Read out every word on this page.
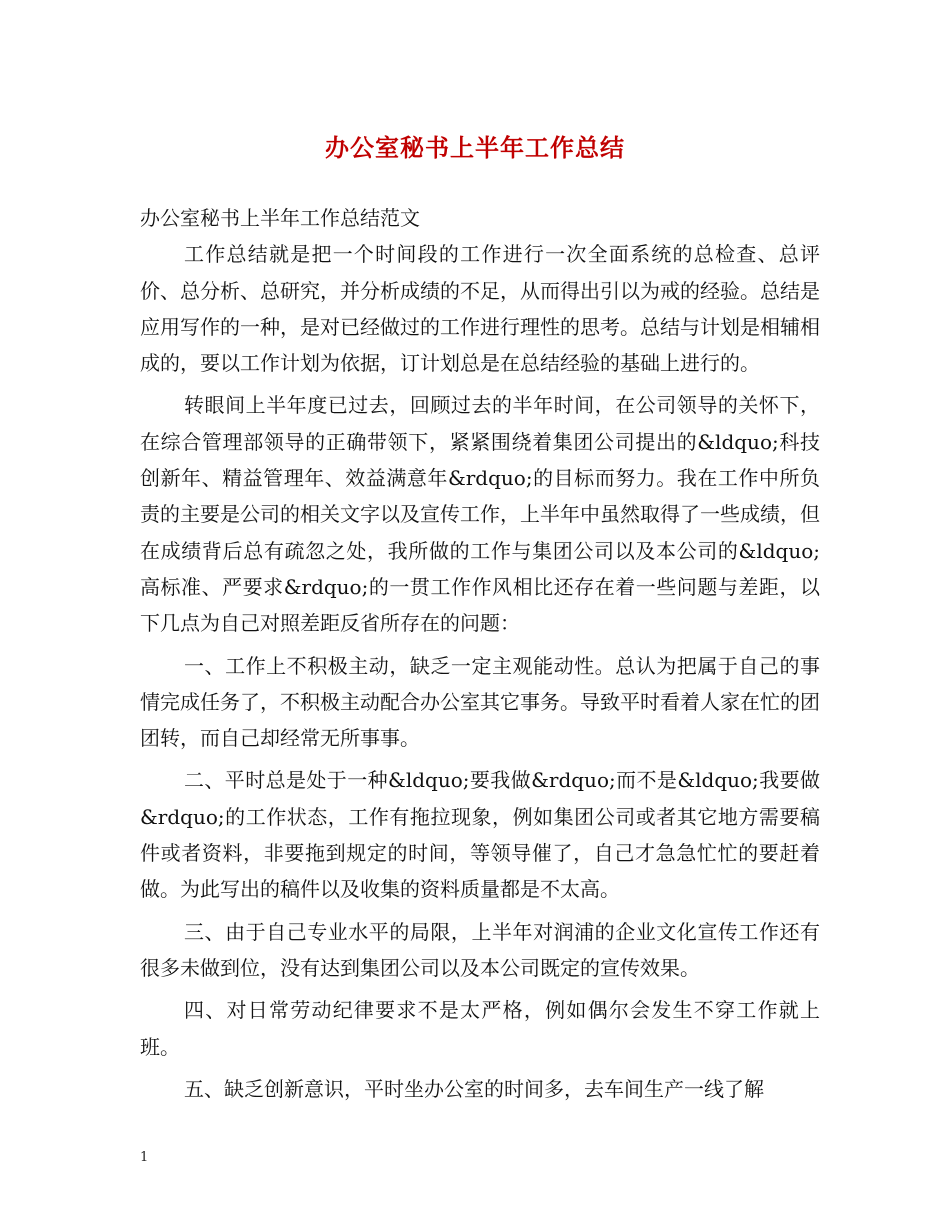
办公室秘书上半年工作总结

办公室秘书上半年工作总结范文

工作总结就是把一个时间段的工作进行一次全面系统的总检查、总评价、总分析、总研究，并分析成绩的不足，从而得出引以为戒的经验。总结是应用写作的一种，是对已经做过的工作进行理性的思考。总结与计划是相辅相成的，要以工作计划为依据，订计划总是在总结经验的基础上进行的。

转眼间上半年度已过去，回顾过去的半年时间，在公司领导的关怀下，在综合管理部领导的正确带领下，紧紧围绕着集团公司提出的&ldquo;科技创新年、精益管理年、效益满意年&rdquo;的目标而努力。我在工作中所负责的主要是公司的相关文字以及宣传工作，上半年中虽然取得了一些成绩，但在成绩背后总有疏忽之处，我所做的工作与集团公司以及本公司的&ldquo;高标准、严要求&rdquo;的一贯工作作风相比还存在着一些问题与差距，以下几点为自己对照差距反省所存在的问题：

一、工作上不积极主动，缺乏一定主观能动性。总认为把属于自己的事情完成任务了，不积极主动配合办公室其它事务。导致平时看着人家在忙的团团转，而自己却经常无所事事。

二、平时总是处于一种&ldquo;要我做&rdquo;而不是&ldquo;我要做&rdquo;的工作状态，工作有拖拉现象，例如集团公司或者其它地方需要稿件或者资料，非要拖到规定的时间，等领导催了，自己才急急忙忙的要赶着做。为此写出的稿件以及收集的资料质量都是不太高。

三、由于自己专业水平的局限，上半年对润浦的企业文化宣传工作还有很多未做到位，没有达到集团公司以及本公司既定的宣传效果。

四、对日常劳动纪律要求不是太严格，例如偶尔会发生不穿工作就上班。

五、缺乏创新意识，平时坐办公室的时间多，去车间生产一线了解

1
